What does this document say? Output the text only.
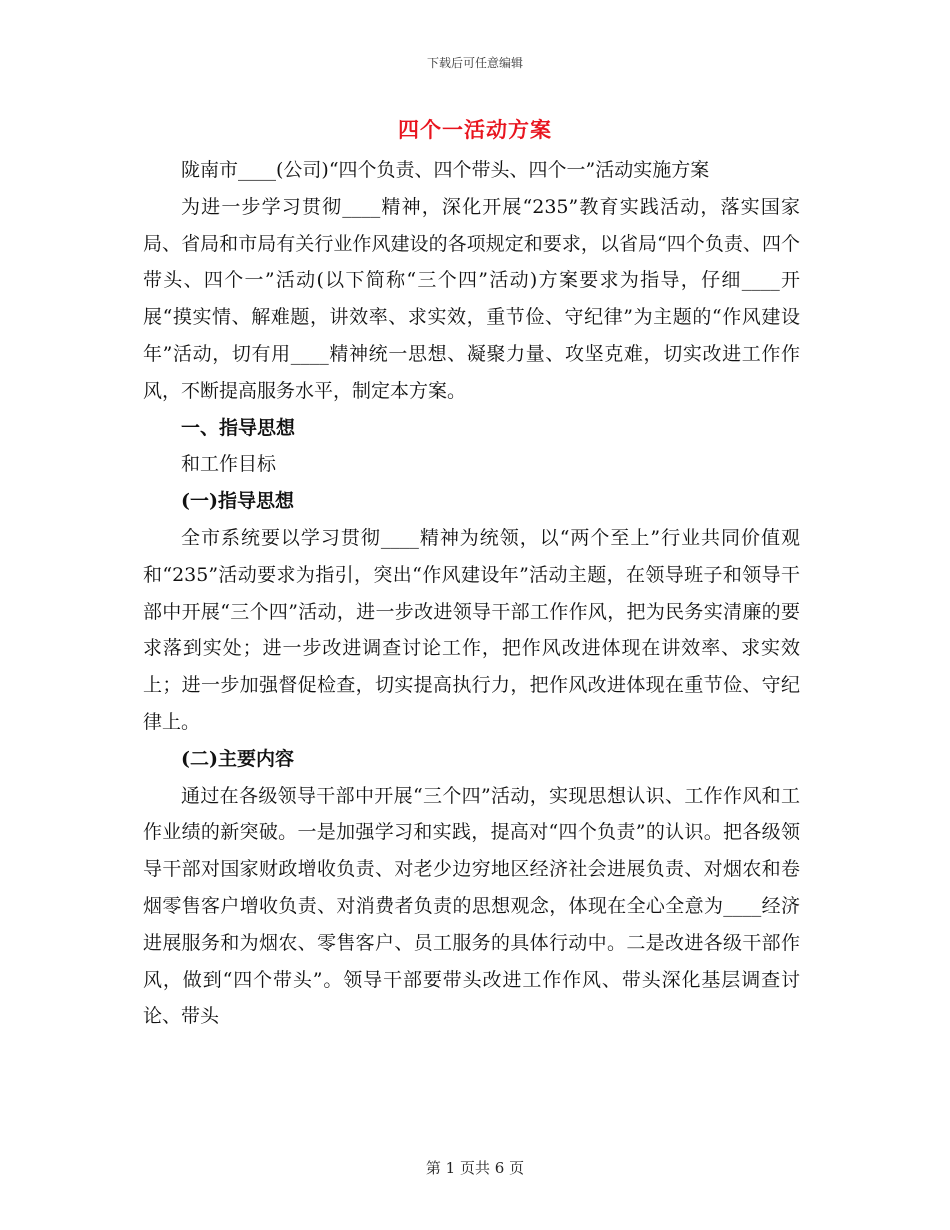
下载后可任意编辑
四个一活动方案

陇南市____(公司)“四个负责、四个带头、四个一”活动实施方案

为进一步学习贯彻____精神，深化开展“235”教育实践活动，落实国家局、省局和市局有关行业作风建设的各项规定和要求，以省局“四个负责、四个带头、四个一”活动(以下简称“三个四”活动)方案要求为指导，仔细____开展“摸实情、解难题，讲效率、求实效，重节俭、守纪律”为主题的“作风建设年”活动，切有用____精神统一思想、凝聚力量、攻坚克难，切实改进工作作风，不断提高服务水平，制定本方案。

一、指导思想

和工作目标

(一)指导思想

全市系统要以学习贯彻____精神为统领，以“两个至上”行业共同价值观和“235”活动要求为指引，突出“作风建设年”活动主题，在领导班子和领导干部中开展“三个四”活动，进一步改进领导干部工作作风，把为民务实清廉的要求落到实处；进一步改进调查讨论工作，把作风改进体现在讲效率、求实效上；进一步加强督促检查，切实提高执行力，把作风改进体现在重节俭、守纪律上。

(二)主要内容

通过在各级领导干部中开展“三个四”活动，实现思想认识、工作作风和工作业绩的新突破。一是加强学习和实践，提高对“四个负责”的认识。把各级领导干部对国家财政增收负责、对老少边穷地区经济社会进展负责、对烟农和卷烟零售客户增收负责、对消费者负责的思想观念，体现在全心全意为____经济进展服务和为烟农、零售客户、员工服务的具体行动中。二是改进各级干部作风，做到“四个带头”。领导干部要带头改进工作作风、带头深化基层调查讨论、带头

第 1 页共 6 页
